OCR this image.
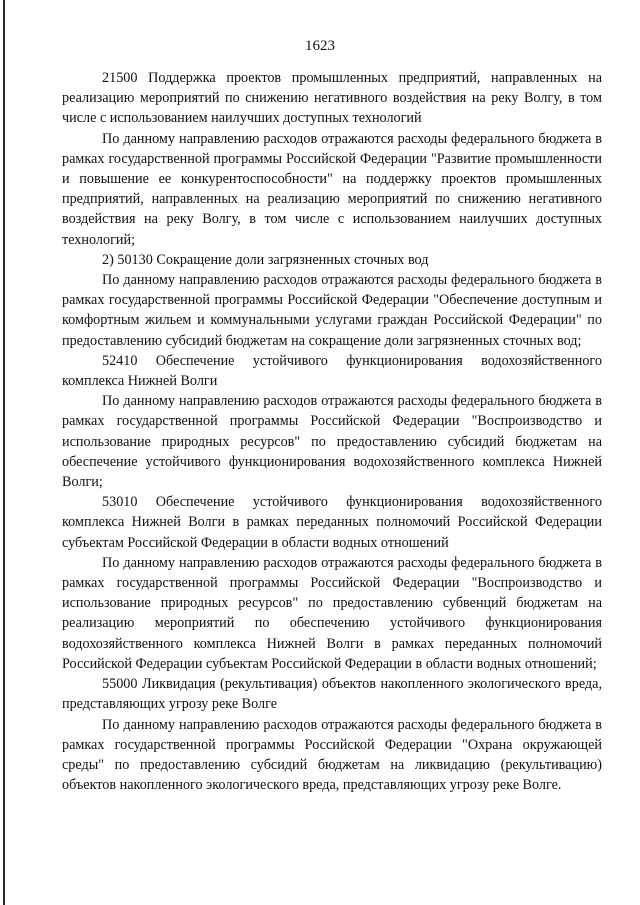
1623

21500 Поддержка проектов промышленных предприятий, направленных на реализацию мероприятий по снижению негативного воздействия на реку Волгу, в том числе с использованием наилучших доступных технологий

По данному направлению расходов отражаются расходы федерального бюджета в рамках государственной программы Российской Федерации "Развитие промышленности и повышение ее конкурентоспособности" на поддержку проектов промышленных предприятий, направленных на реализацию мероприятий по снижению негативного воздействия на реку Волгу, в том числе с использованием наилучших доступных технологий;

2) 50130 Сокращение доли загрязненных сточных вод

По данному направлению расходов отражаются расходы федерального бюджета в рамках государственной программы Российской Федерации "Обеспечение доступным и комфортным жильем и коммунальными услугами граждан Российской Федерации" по предоставлению субсидий бюджетам на сокращение доли загрязненных сточных вод;

52410 Обеспечение устойчивого функционирования водохозяйственного комплекса Нижней Волги

По данному направлению расходов отражаются расходы федерального бюджета в рамках государственной программы Российской Федерации "Воспроизводство и использование природных ресурсов" по предоставлению субсидий бюджетам на обеспечение устойчивого функционирования водохозяйственного комплекса Нижней Волги;

53010 Обеспечение устойчивого функционирования водохозяйственного комплекса Нижней Волги в рамках переданных полномочий Российской Федерации субъектам Российской Федерации в области водных отношений

По данному направлению расходов отражаются расходы федерального бюджета в рамках государственной программы Российской Федерации "Воспроизводство и использование природных ресурсов" по предоставлению субвенций бюджетам на реализацию мероприятий по обеспечению устойчивого функционирования водохозяйственного комплекса Нижней Волги в рамках переданных полномочий Российской Федерации субъектам Российской Федерации в области водных отношений;

55000 Ликвидация (рекультивация) объектов накопленного экологического вреда, представляющих угрозу реке Волге

По данному направлению расходов отражаются расходы федерального бюджета в рамках государственной программы Российской Федерации "Охрана окружающей среды" по предоставлению субсидий бюджетам на ликвидацию (рекультивацию) объектов накопленного экологического вреда, представляющих угрозу реке Волге.
